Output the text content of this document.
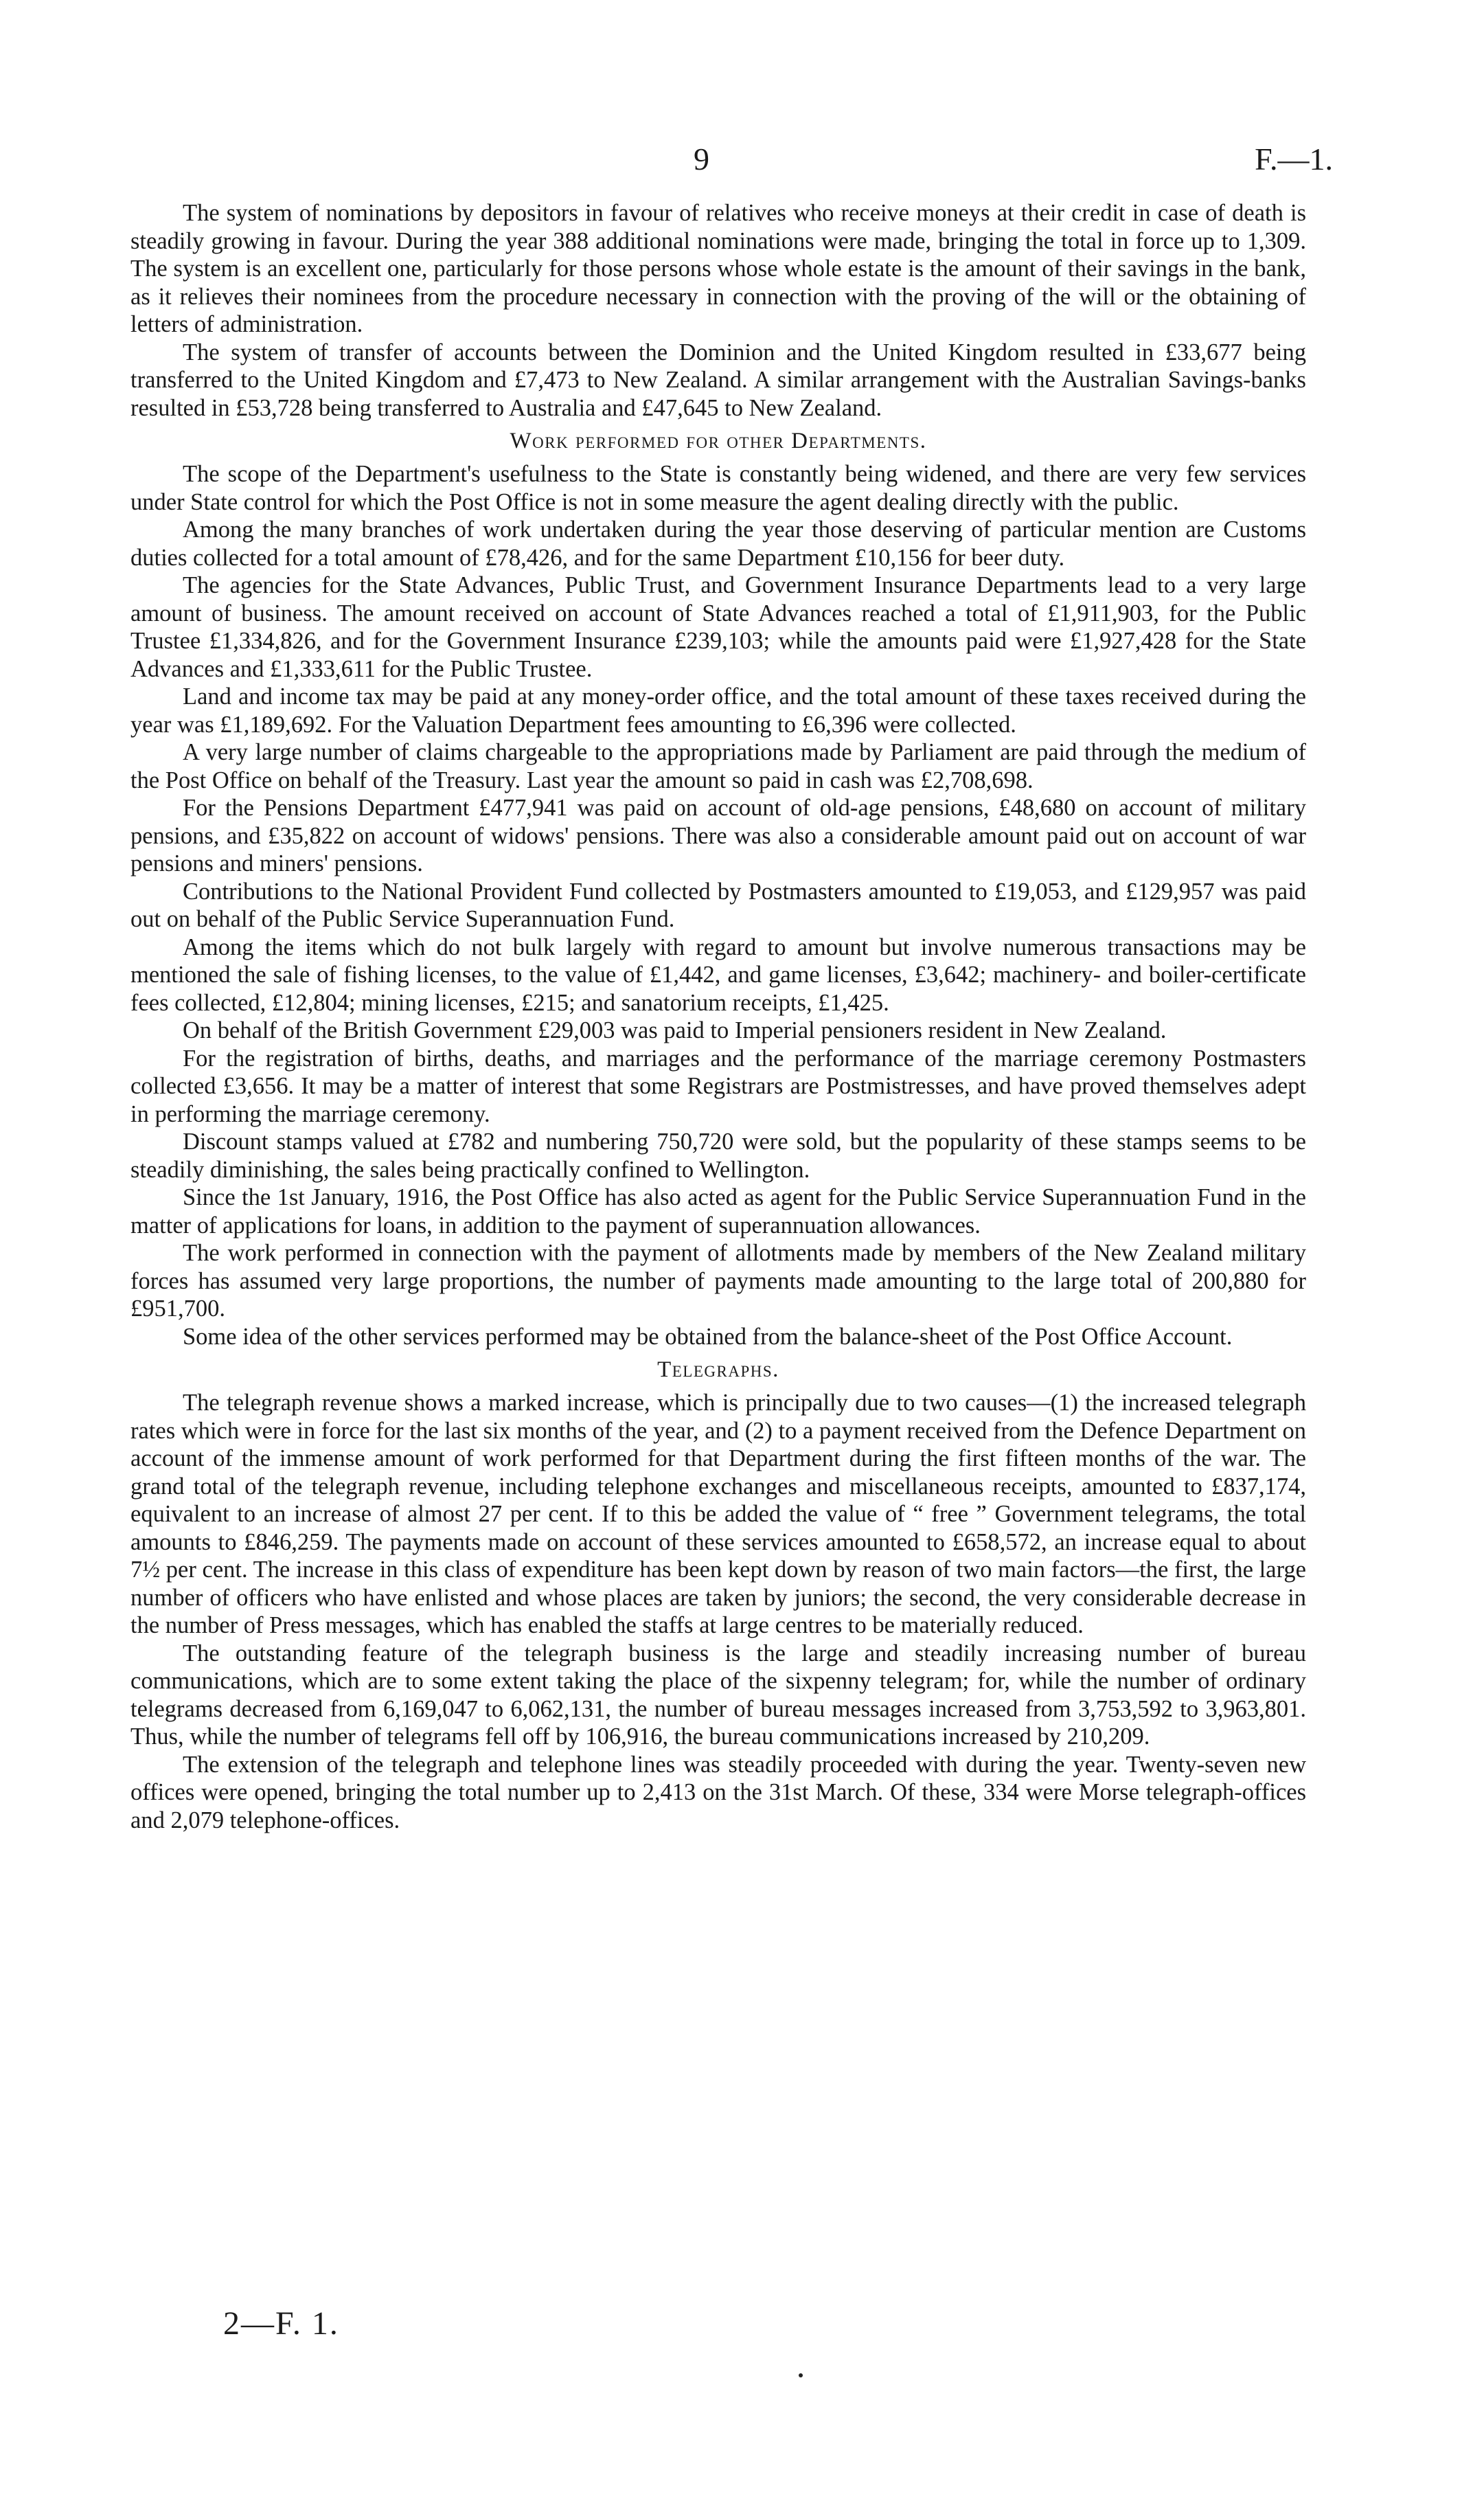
9	F.—1.

The system of nominations by depositors in favour of relatives who receive moneys at their credit in case of death is steadily growing in favour. During the year 388 additional nominations were made, bringing the total in force up to 1,309. The system is an excellent one, particularly for those persons whose whole estate is the amount of their savings in the bank, as it relieves their nominees from the procedure necessary in connection with the proving of the will or the obtaining of letters of administration.

The system of transfer of accounts between the Dominion and the United Kingdom resulted in £33,677 being transferred to the United Kingdom and £7,473 to New Zealand. A similar arrangement with the Australian Savings-banks resulted in £53,728 being transferred to Australia and £47,645 to New Zealand.

Work performed for other Departments.

The scope of the Department's usefulness to the State is constantly being widened, and there are very few services under State control for which the Post Office is not in some measure the agent dealing directly with the public.

Among the many branches of work undertaken during the year those deserving of particular mention are Customs duties collected for a total amount of £78,426, and for the same Department £10,156 for beer duty.

The agencies for the State Advances, Public Trust, and Government Insurance Departments lead to a very large amount of business. The amount received on account of State Advances reached a total of £1,911,903, for the Public Trustee £1,334,826, and for the Government Insurance £239,103; while the amounts paid were £1,927,428 for the State Advances and £1,333,611 for the Public Trustee.

Land and income tax may be paid at any money-order office, and the total amount of these taxes received during the year was £1,189,692. For the Valuation Department fees amounting to £6,396 were collected.

A very large number of claims chargeable to the appropriations made by Parliament are paid through the medium of the Post Office on behalf of the Treasury. Last year the amount so paid in cash was £2,708,698.

For the Pensions Department £477,941 was paid on account of old-age pensions, £48,680 on account of military pensions, and £35,822 on account of widows' pensions. There was also a considerable amount paid out on account of war pensions and miners' pensions.

Contributions to the National Provident Fund collected by Postmasters amounted to £19,053, and £129,957 was paid out on behalf of the Public Service Superannuation Fund.

Among the items which do not bulk largely with regard to amount but involve numerous transactions may be mentioned the sale of fishing licenses, to the value of £1,442, and game licenses, £3,642; machinery- and boiler-certificate fees collected, £12,804; mining licenses, £215; and sanatorium receipts, £1,425.

On behalf of the British Government £29,003 was paid to Imperial pensioners resident in New Zealand.

For the registration of births, deaths, and marriages and the performance of the marriage ceremony Postmasters collected £3,656. It may be a matter of interest that some Registrars are Postmistresses, and have proved themselves adept in performing the marriage ceremony.

Discount stamps valued at £782 and numbering 750,720 were sold, but the popularity of these stamps seems to be steadily diminishing, the sales being practically confined to Wellington.

Since the 1st January, 1916, the Post Office has also acted as agent for the Public Service Superannuation Fund in the matter of applications for loans, in addition to the payment of superannuation allowances.

The work performed in connection with the payment of allotments made by members of the New Zealand military forces has assumed very large proportions, the number of payments made amounting to the large total of 200,880 for £951,700.

Some idea of the other services performed may be obtained from the balance-sheet of the Post Office Account.

Telegraphs.

The telegraph revenue shows a marked increase, which is principally due to two causes—(1) the increased telegraph rates which were in force for the last six months of the year, and (2) to a payment received from the Defence Department on account of the immense amount of work performed for that Department during the first fifteen months of the war. The grand total of the telegraph revenue, including telephone exchanges and miscellaneous receipts, amounted to £837,174, equivalent to an increase of almost 27 per cent. If to this be added the value of “ free ” Government telegrams, the total amounts to £846,259. The payments made on account of these services amounted to £658,572, an increase equal to about 7½ per cent. The increase in this class of expenditure has been kept down by reason of two main factors—the first, the large number of officers who have enlisted and whose places are taken by juniors; the second, the very considerable decrease in the number of Press messages, which has enabled the staffs at large centres to be materially reduced.

The outstanding feature of the telegraph business is the large and steadily increasing number of bureau communications, which are to some extent taking the place of the sixpenny telegram; for, while the number of ordinary telegrams decreased from 6,169,047 to 6,062,131, the number of bureau messages increased from 3,753,592 to 3,963,801. Thus, while the number of telegrams fell off by 106,916, the bureau communications increased by 210,209.

The extension of the telegraph and telephone lines was steadily proceeded with during the year. Twenty-seven new offices were opened, bringing the total number up to 2,413 on the 31st March. Of these, 334 were Morse telegraph-offices and 2,079 telephone-offices.

2—F. 1.
